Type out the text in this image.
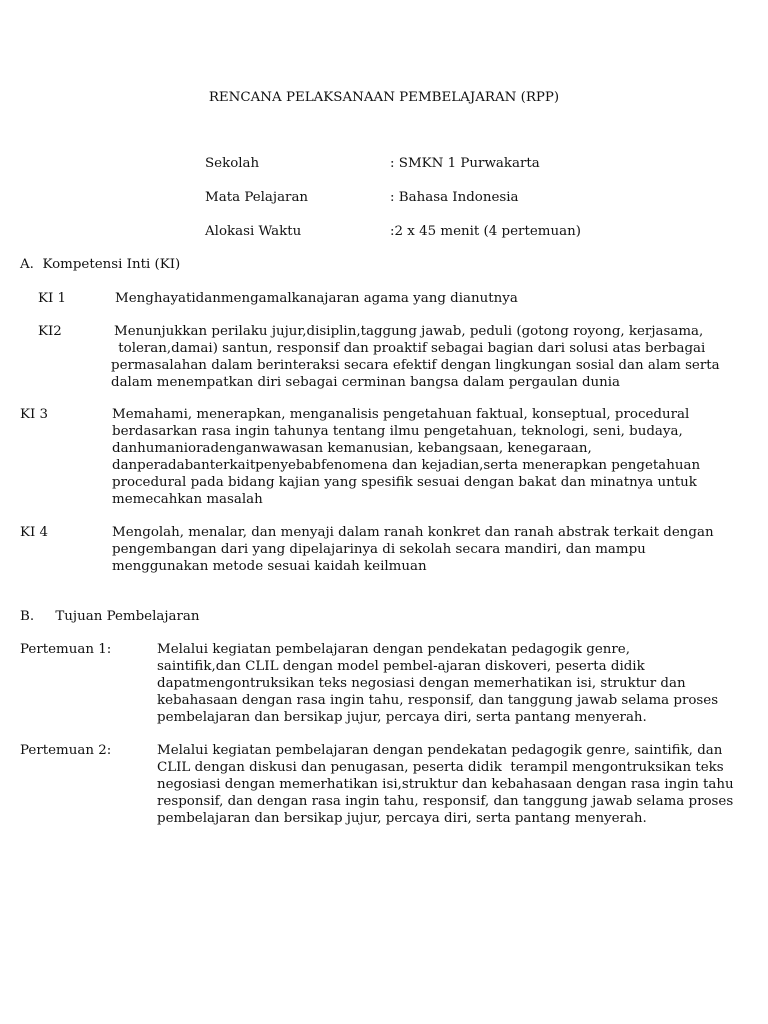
RENCANA PELAKSANAAN PEMBELAJARAN (RPP)
Sekolah	: SMKN 1 Purwakarta
Mata Pelajaran	: Bahasa Indonesia
Alokasi Waktu	:2 x 45 menit (4 pertemuan)
A.  Kompetensi Inti (KI)
KI 1	Menghayatidanmengamalkanajaran agama yang dianutnya
KI2	Menunjukkan perilaku jujur,disiplin,taggung jawab, peduli (gotong royong, kerjasama,
toleran,damai) santun, responsif dan proaktif sebagai bagian dari solusi atas berbagai
permasalahan dalam berinteraksi secara efektif dengan lingkungan sosial dan alam serta
dalam menempatkan diri sebagai cerminan bangsa dalam pergaulan dunia
KI 3	Memahami, menerapkan, menganalisis pengetahuan faktual, konseptual, procedural
berdasarkan rasa ingin tahunya tentang ilmu pengetahuan, teknologi, seni, budaya,
danhumanioradenganwawasan kemanusian, kebangsaan, kenegaraan,
danperadabanterkaitpenyebabfenomena dan kejadian,serta menerapkan pengetahuan
procedural pada bidang kajian yang spesifik sesuai dengan bakat dan minatnya untuk
memecahkan masalah
KI 4	Mengolah, menalar, dan menyaji dalam ranah konkret dan ranah abstrak terkait dengan
pengembangan dari yang dipelajarinya di sekolah secara mandiri, dan mampu
menggunakan metode sesuai kaidah keilmuan
B.     Tujuan Pembelajaran
Pertemuan 1:	Melalui kegiatan pembelajaran dengan pendekatan pedagogik genre,
saintifik,dan CLIL dengan model pembel-ajaran diskoveri, peserta didik
dapatmengontruksikan teks negosiasi dengan memerhatikan isi, struktur dan
kebahasaan dengan rasa ingin tahu, responsif, dan tanggung jawab selama proses
pembelajaran dan bersikap jujur, percaya diri, serta pantang menyerah.
Pertemuan 2:	Melalui kegiatan pembelajaran dengan pendekatan pedagogik genre, saintifik, dan
CLIL dengan diskusi dan penugasan, peserta didik  terampil mengontruksikan teks
negosiasi dengan memerhatikan isi,struktur dan kebahasaan dengan rasa ingin tahu
responsif, dan dengan rasa ingin tahu, responsif, dan tanggung jawab selama proses
pembelajaran dan bersikap jujur, percaya diri, serta pantang menyerah.
